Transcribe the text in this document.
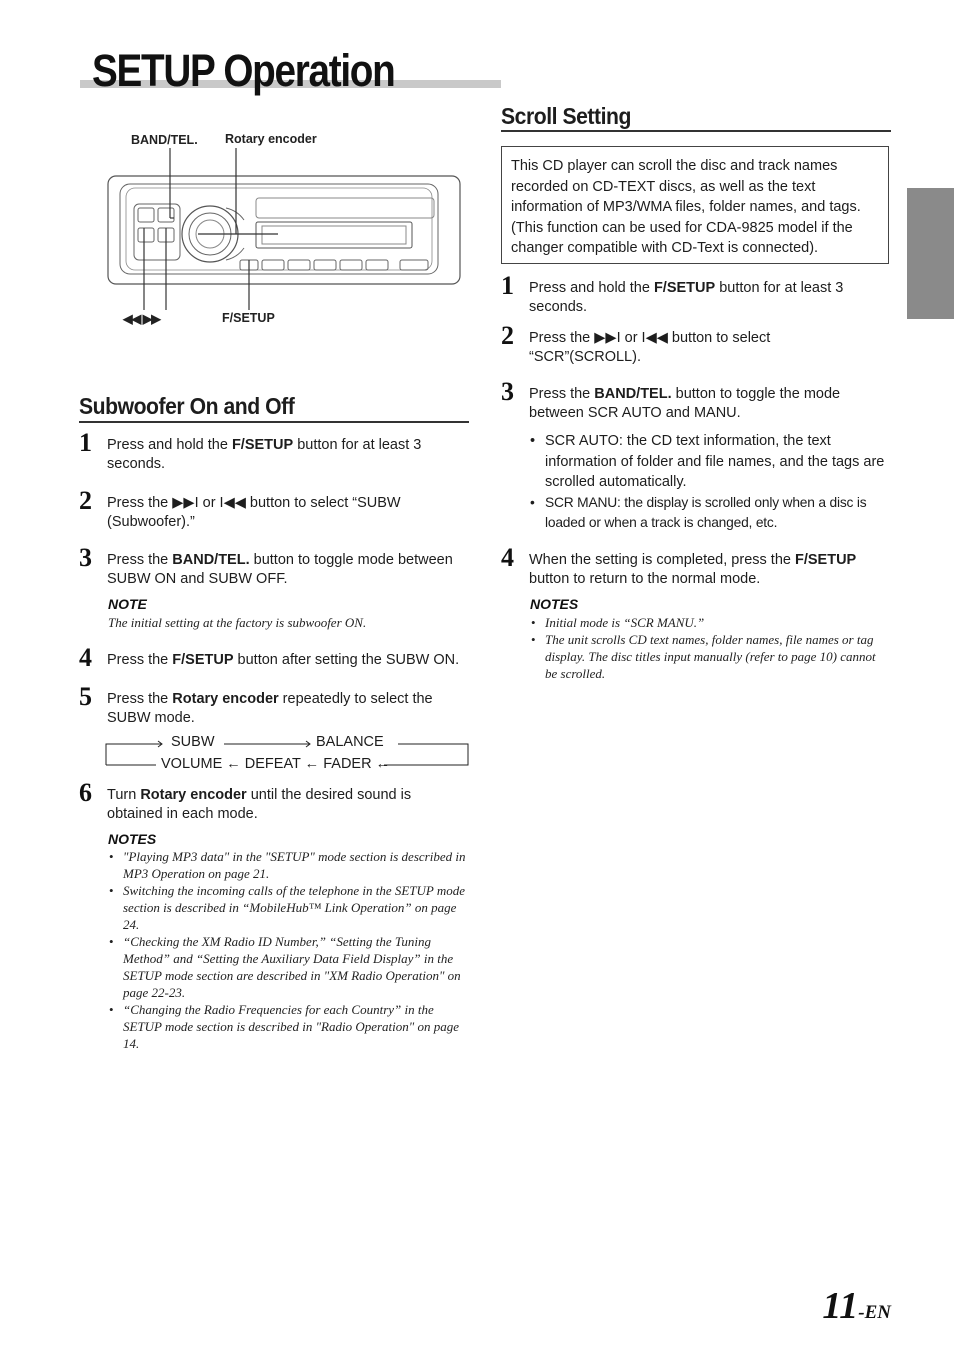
SETUP Operation
BAND/TEL. Rotary encoder
◀◀ ▶▶	F/SETUP
Subwoofer On and Off
1 Press and hold the F/SETUP button for at least 3 seconds.
2 Press the ▶▶I or I◀◀ button to select “SUBW (Subwoofer).”
3 Press the BAND/TEL. button to toggle mode between SUBW ON and SUBW OFF.
NOTE
The initial setting at the factory is subwoofer ON.
4 Press the F/SETUP button after setting the SUBW ON.
5 Press the Rotary encoder repeatedly to select the SUBW mode.
SUBW	BALANCE
VOLUME ← DEFEAT ← FADER ←
6 Turn Rotary encoder until the desired sound is obtained in each mode.
NOTES
• "Playing MP3 data" in the "SETUP" mode section is described in MP3 Operation on page 21.
• Switching the incoming calls of the telephone in the SETUP mode section is described in “MobileHub™ Link Operation” on page 24.
• “Checking the XM Radio ID Number,” “Setting the Tuning Method” and “Setting the Auxiliary Data Field Display” in the SETUP mode section are described in "XM Radio Operation" on page 22-23.
• “Changing the Radio Frequencies for each Country” in the SETUP mode section is described in "Radio Operation" on page 14.
Scroll Setting
This CD player can scroll the disc and track names recorded on CD-TEXT discs, as well as the text information of MP3/WMA files, folder names, and tags. (This function can be used for CDA-9825 model if the changer compatible with CD-Text is connected).
1 Press and hold the F/SETUP button for at least 3 seconds.
2 Press the ▶▶I or I◀◀ button to select “SCR”(SCROLL).
3 Press the BAND/TEL. button to toggle the mode between SCR AUTO and MANU.
• SCR AUTO: the CD text information, the text information of folder and file names, and the tags are scrolled automatically.
• SCR MANU: the display is scrolled only when a disc is loaded or when a track is changed, etc.
4 When the setting is completed, press the F/SETUP button to return to the normal mode.
NOTES
• Initial mode is “SCR MANU.”
• The unit scrolls CD text names, folder names, file names or tag display. The disc titles input manually (refer to page 10) cannot be scrolled.
11-EN
